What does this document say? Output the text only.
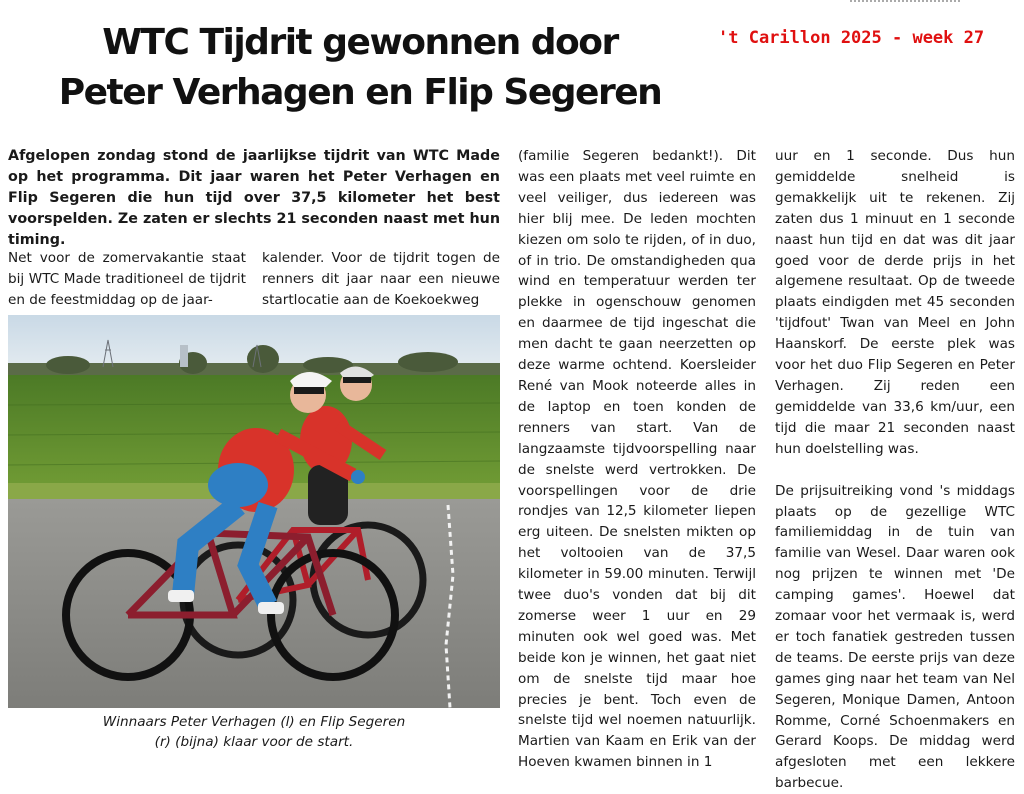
WTC Tijdrit gewonnen door
Peter Verhagen en Flip Segeren
't Carillon 2025 - week 27
Afgelopen zondag stond de jaarlijkse tijdrit van WTC Made op het programma. Dit jaar waren het Peter Verhagen en Flip Segeren die hun tijd over 37,5 kilometer het best voorspelden. Ze zaten er slechts 21 seconden naast met hun timing.

Net voor de zomervakantie staat bij WTC Made traditioneel de tijdrit en de feestmiddag op de jaar-

kalender. Voor de tijdrit togen de renners dit jaar naar een nieuwe startlocatie aan de Koekoekweg

(familie Segeren bedankt!). Dit was een plaats met veel ruimte en veel veiliger, dus iedereen was hier blij mee. De leden mochten kiezen om solo te rijden, of in duo, of in trio. De omstandigheden qua wind en temperatuur werden ter plekke in ogenschouw genomen en daarmee de tijd ingeschat die men dacht te gaan neerzetten op deze warme ochtend. Koersleider René van Mook noteerde alles in de laptop en toen konden de renners van start. Van de langzaamste tijdvoorspelling naar de snelste werd vertrokken. De voorspellingen voor de drie rondjes van 12,5 kilometer liepen erg uiteen. De snelsten mikten op het voltooien van de 37,5 kilometer in 59.00 minuten. Terwijl twee duo's vonden dat bij dit zomerse weer 1 uur en 29 minuten ook wel goed was. Met beide kon je winnen, het gaat niet om de snelste tijd maar hoe precies je bent. Toch even de snelste tijd wel noemen natuurlijk. Martien van Kaam en Erik van der Hoeven kwamen binnen in 1

uur en 1 seconde. Dus hun gemiddelde snelheid is gemakkelijk uit te rekenen. Zij zaten dus 1 minuut en 1 seconde naast hun tijd en dat was dit jaar goed voor de derde prijs in het algemene resultaat. Op de tweede plaats eindigden met 45 seconden 'tijdfout' Twan van Meel en John Haanskorf. De eerste plek was voor het duo Flip Segeren en Peter Verhagen. Zij reden een gemiddelde van 33,6 km/uur, een tijd die maar 21 seconden naast hun doelstelling was.

De prijsuitreiking vond 's middags plaats op de gezellige WTC familiemiddag in de tuin van familie van Wesel. Daar waren ook nog prijzen te winnen met 'De camping games'. Hoewel dat zomaar voor het vermaak is, werd er toch fanatiek gestreden tussen de teams. De eerste prijs van deze games ging naar het team van Nel Segeren, Monique Damen, Antoon Romme, Corné Schoenmakers en Gerard Koops. De middag werd afgesloten met een lekkere barbecue.

Winnaars Peter Verhagen (l) en Flip Segeren
(r) (bijna) klaar voor de start.
